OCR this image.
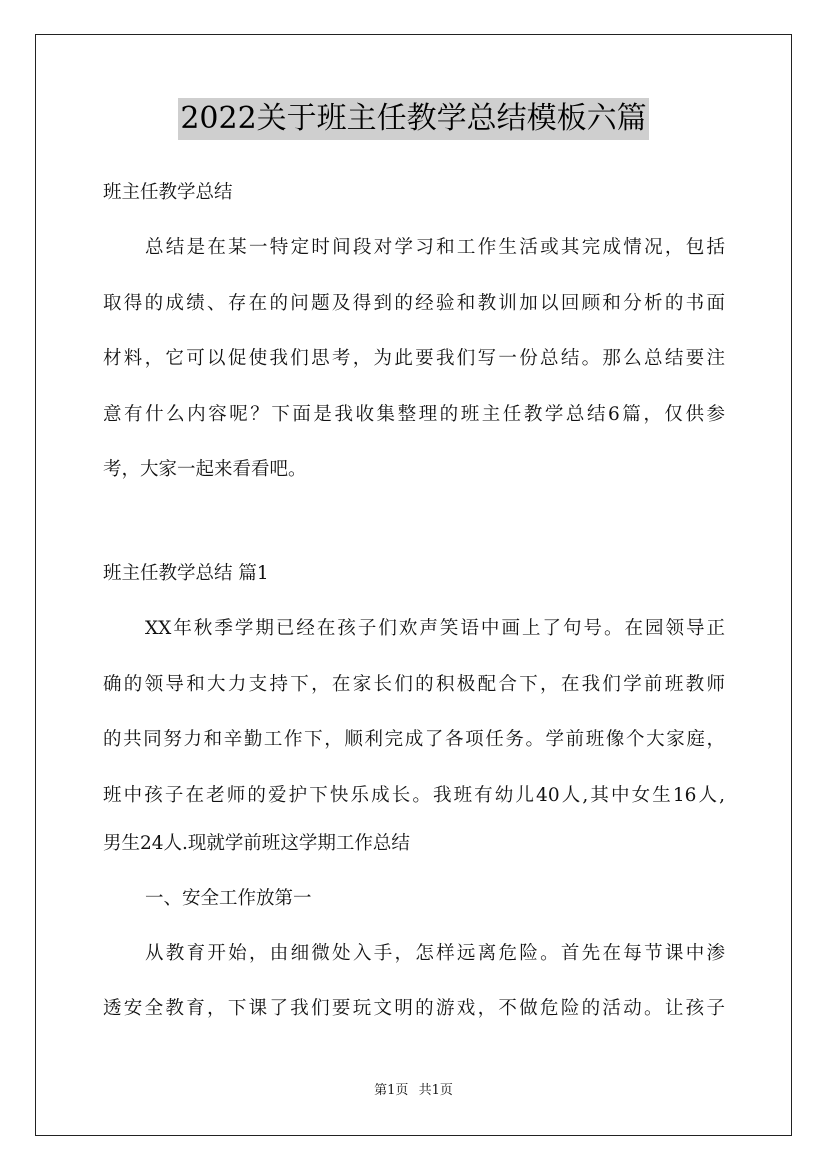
2022关于班主任教学总结模板六篇
班主任教学总结
总结是在某一特定时间段对学习和工作生活或其完成情况，包括
取得的成绩、存在的问题及得到的经验和教训加以回顾和分析的书面
材料，它可以促使我们思考，为此要我们写一份总结。那么总结要注
意有什么内容呢？下面是我收集整理的班主任教学总结6篇，仅供参
考，大家一起来看看吧。
班主任教学总结 篇1
XX年秋季学期已经在孩子们欢声笑语中画上了句号。在园领导正
确的领导和大力支持下，在家长们的积极配合下，在我们学前班教师
的共同努力和辛勤工作下，顺利完成了各项任务。学前班像个大家庭，
班中孩子在老师的爱护下快乐成长。我班有幼儿40人,其中女生16人,
男生24人.现就学前班这学期工作总结
一、安全工作放第一
从教育开始，由细微处入手，怎样远离危险。首先在每节课中渗
透安全教育，下课了我们要玩文明的游戏，不做危险的活动。让孩子
第1页 共1页
